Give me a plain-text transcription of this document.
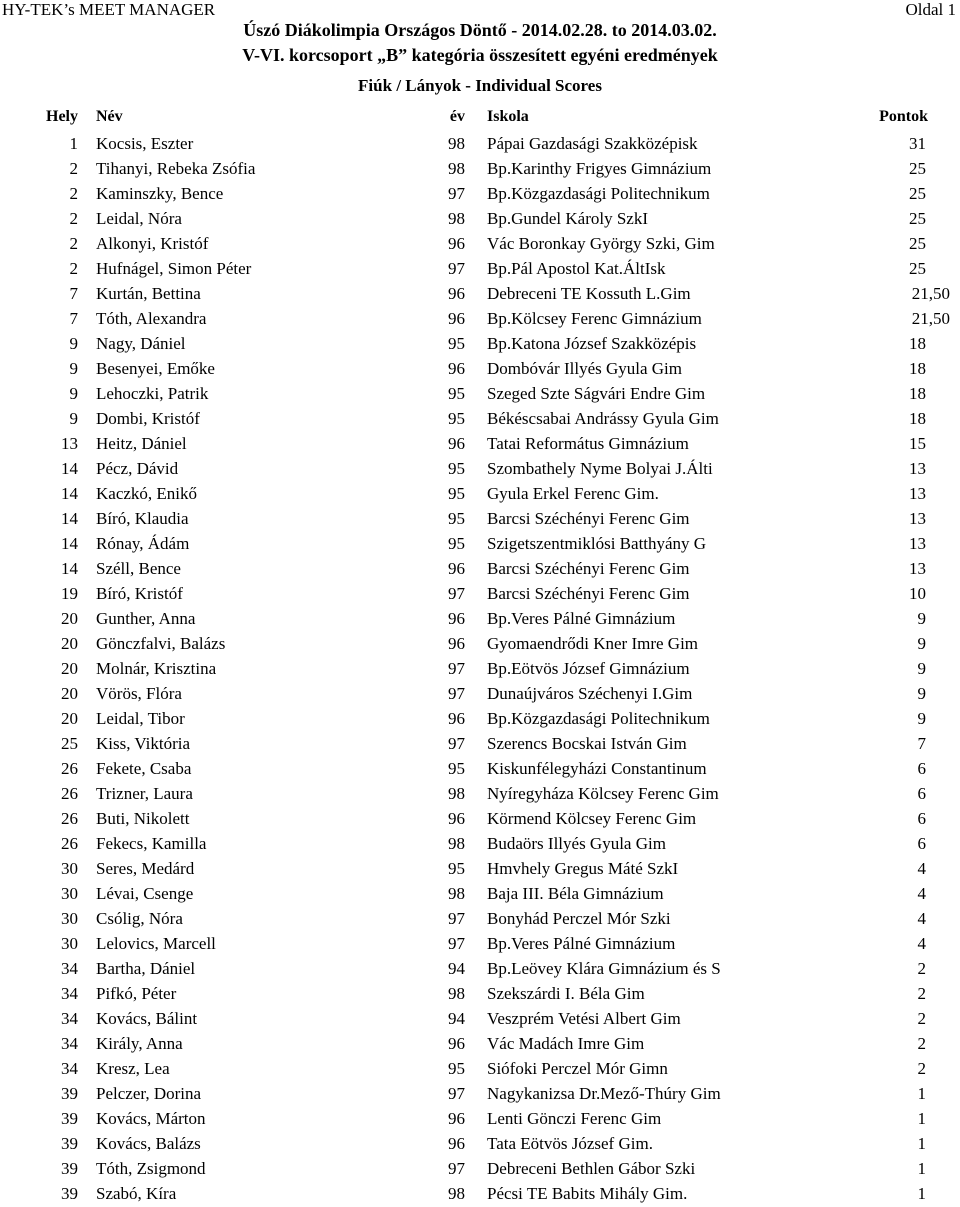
HY-TEK’s MEET MANAGER	Oldal 1
Úszó Diákolimpia Országos Döntő - 2014.02.28. to 2014.03.02.
V-VI. korcsoport „B” kategória összesített egyéni eredmények
Fiúk / Lányok - Individual Scores
Hely Név	év Iskola	Pontok
1 Kocsis, Eszter	98 Pápai Gazdasági Szakközépisk	31
2 Tihanyi, Rebeka Zsófia	98 Bp.Karinthy Frigyes Gimnázium	25
2 Kaminszky, Bence	97 Bp.Közgazdasági Politechnikum	25
2 Leidal, Nóra	98 Bp.Gundel Károly SzkI	25
2 Alkonyi, Kristóf	96 Vác Boronkay György Szki, Gim	25
2 Hufnágel, Simon Péter	97 Bp.Pál Apostol Kat.ÁltIsk	25
7 Kurtán, Bettina	96 Debreceni TE Kossuth L.Gim	21,50
7 Tóth, Alexandra	96 Bp.Kölcsey Ferenc Gimnázium	21,50
9 Nagy, Dániel	95 Bp.Katona József Szakközépis	18
9 Besenyei, Emőke	96 Dombóvár Illyés Gyula Gim	18
9 Lehoczki, Patrik	95 Szeged Szte Ságvári Endre Gim	18
9 Dombi, Kristóf	95 Békéscsabai Andrássy Gyula Gim	18
13 Heitz, Dániel	96 Tatai Református Gimnázium	15
14 Pécz, Dávid	95 Szombathely Nyme Bolyai J.Álti	13
14 Kaczkó, Enikő	95 Gyula Erkel Ferenc Gim.	13
14 Bíró, Klaudia	95 Barcsi Széchényi Ferenc Gim	13
14 Rónay, Ádám	95 Szigetszentmiklósi Batthyány G	13
14 Széll, Bence	96 Barcsi Széchényi Ferenc Gim	13
19 Bíró, Kristóf	97 Barcsi Széchényi Ferenc Gim	10
20 Gunther, Anna	96 Bp.Veres Pálné Gimnázium	9
20 Gönczfalvi, Balázs	96 Gyomaendrődi Kner Imre Gim	9
20 Molnár, Krisztina	97 Bp.Eötvös József Gimnázium	9
20 Vörös, Flóra	97 Dunaújváros Széchenyi I.Gim	9
20 Leidal, Tibor	96 Bp.Közgazdasági Politechnikum	9
25 Kiss, Viktória	97 Szerencs Bocskai István Gim	7
26 Fekete, Csaba	95 Kiskunfélegyházi Constantinum	6
26 Trizner, Laura	98 Nyíregyháza Kölcsey Ferenc Gim	6
26 Buti, Nikolett	96 Körmend Kölcsey Ferenc Gim	6
26 Fekecs, Kamilla	98 Budaörs Illyés Gyula Gim	6
30 Seres, Medárd	95 Hmvhely Gregus Máté SzkI	4
30 Lévai, Csenge	98 Baja III. Béla Gimnázium	4
30 Csólig, Nóra	97 Bonyhád Perczel Mór Szki	4
30 Lelovics, Marcell	97 Bp.Veres Pálné Gimnázium	4
34 Bartha, Dániel	94 Bp.Leövey Klára Gimnázium és S	2
34 Pifkó, Péter	98 Szekszárdi I. Béla Gim	2
34 Kovács, Bálint	94 Veszprém Vetési Albert Gim	2
34 Király, Anna	96 Vác Madách Imre Gim	2
34 Kresz, Lea	95 Siófoki Perczel Mór Gimn	2
39 Pelczer, Dorina	97 Nagykanizsa Dr.Mező-Thúry Gim	1
39 Kovács, Márton	96 Lenti Gönczi Ferenc Gim	1
39 Kovács, Balázs	96 Tata Eötvös József Gim.	1
39 Tóth, Zsigmond	97 Debreceni Bethlen Gábor Szki	1
39 Szabó, Kíra	98 Pécsi TE Babits Mihály Gim.	1
